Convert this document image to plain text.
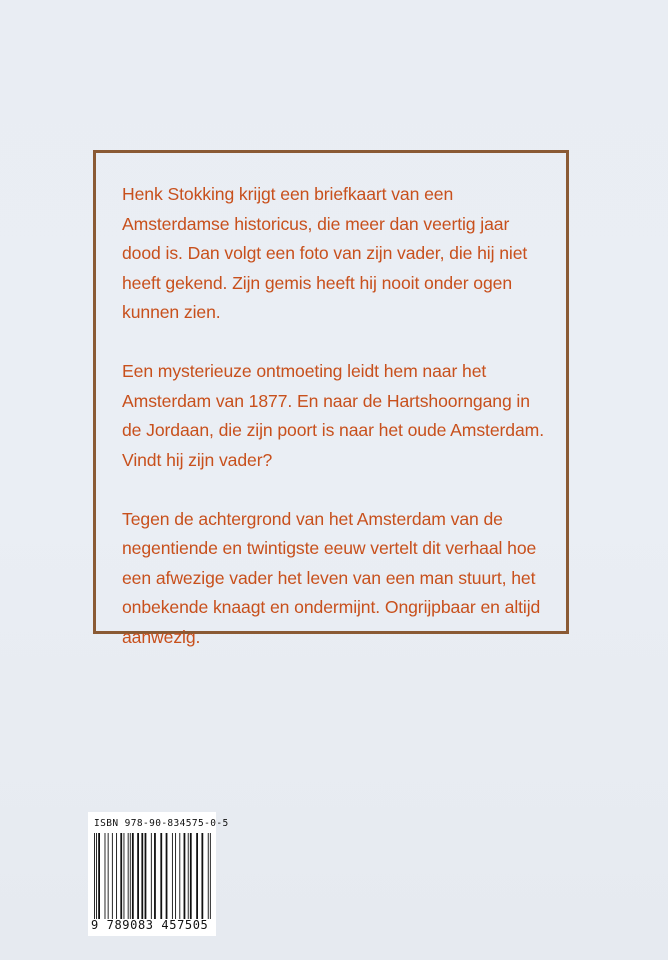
Henk Stokking krijgt een briefkaart van een Amsterdamse historicus, die meer dan veertig jaar dood is. Dan volgt een foto van zijn vader, die hij niet heeft gekend. Zijn gemis heeft hij nooit onder ogen kunnen zien.

Een mysterieuze ontmoeting leidt hem naar het Amsterdam van 1877. En naar de Hartshoorngang in de Jordaan, die zijn poort is naar het oude Amsterdam. Vindt hij zijn vader?

Tegen de achtergrond van het Amsterdam van de negentiende en twintigste eeuw vertelt dit verhaal hoe een afwezige vader het leven van een man stuurt, het onbekende knaagt en ondermijnt. Ongrijpbaar en altijd aanwezig.

ISBN 978-90-834575-0-5
9 789083 457505
